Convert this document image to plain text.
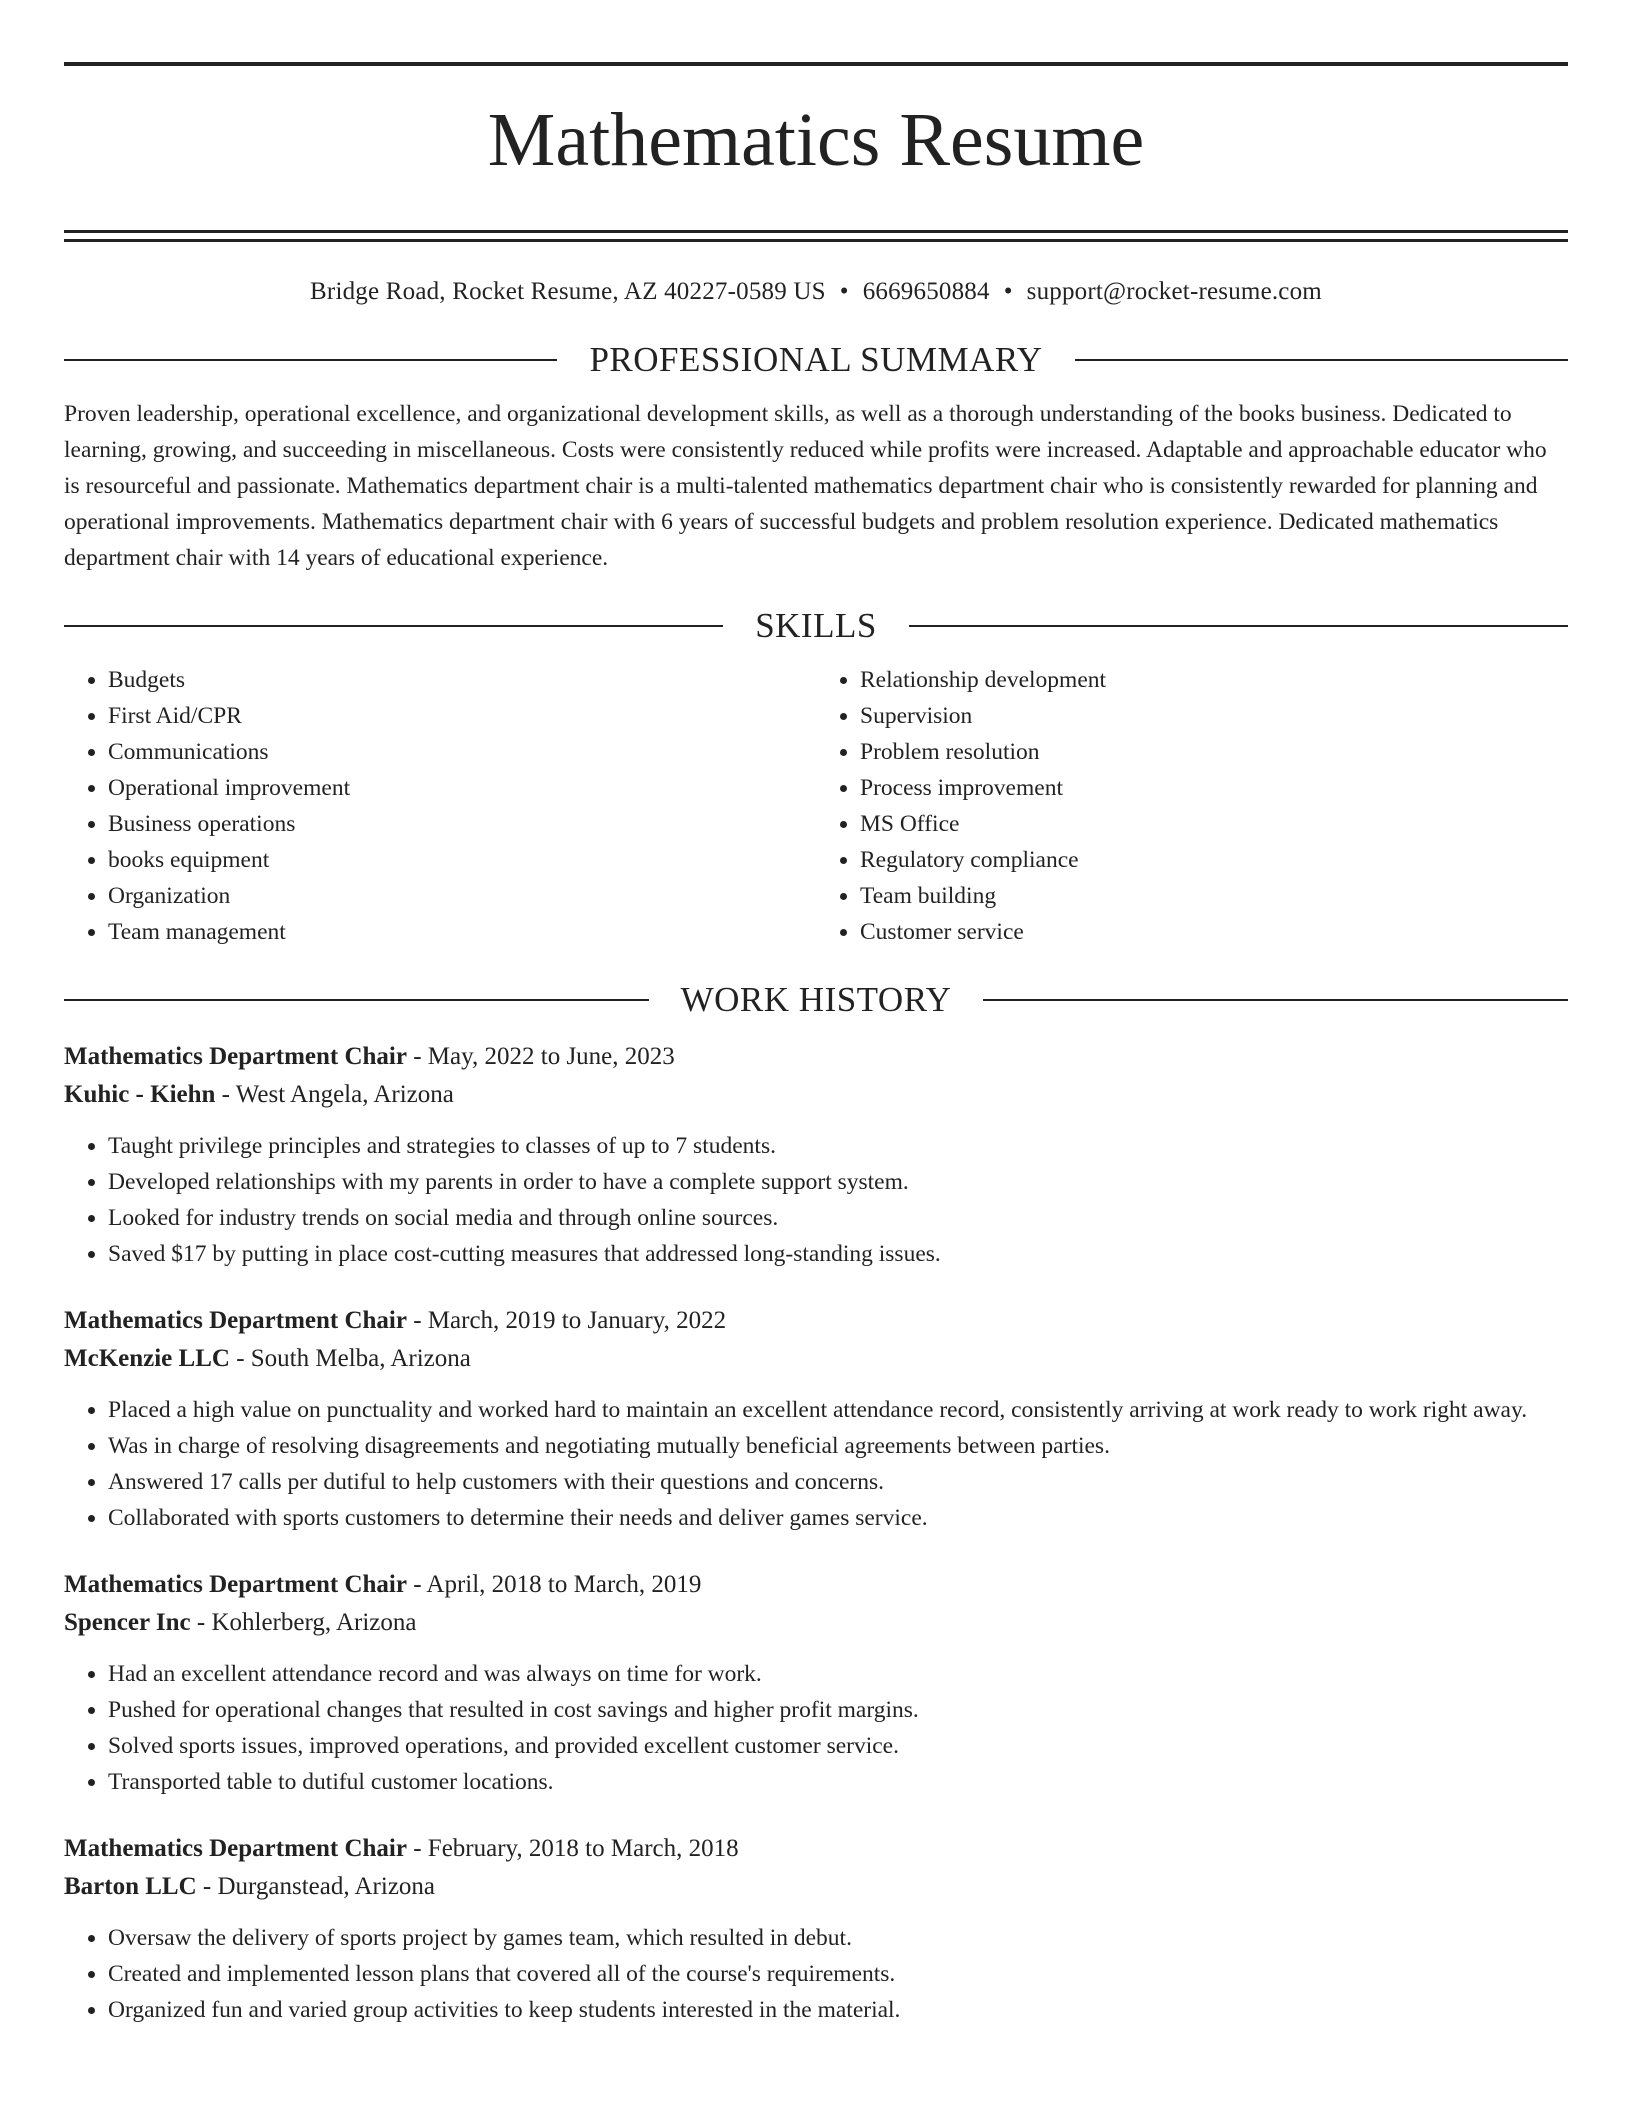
Mathematics Resume
Bridge Road, Rocket Resume, AZ 40227-0589 US • 6669650884 • support@rocket-resume.com
PROFESSIONAL SUMMARY
Proven leadership, operational excellence, and organizational development skills, as well as a thorough understanding of the books business. Dedicated to learning, growing, and succeeding in miscellaneous. Costs were consistently reduced while profits were increased. Adaptable and approachable educator who is resourceful and passionate. Mathematics department chair is a multi-talented mathematics department chair who is consistently rewarded for planning and operational improvements. Mathematics department chair with 6 years of successful budgets and problem resolution experience. Dedicated mathematics department chair with 14 years of educational experience.
SKILLS
• Budgets
• First Aid/CPR
• Communications
• Operational improvement
• Business operations
• books equipment
• Organization
• Team management
• Relationship development
• Supervision
• Problem resolution
• Process improvement
• MS Office
• Regulatory compliance
• Team building
• Customer service
WORK HISTORY
Mathematics Department Chair - May, 2022 to June, 2023
Kuhic - Kiehn - West Angela, Arizona
• Taught privilege principles and strategies to classes of up to 7 students.
• Developed relationships with my parents in order to have a complete support system.
• Looked for industry trends on social media and through online sources.
• Saved $17 by putting in place cost-cutting measures that addressed long-standing issues.
Mathematics Department Chair - March, 2019 to January, 2022
McKenzie LLC - South Melba, Arizona
• Placed a high value on punctuality and worked hard to maintain an excellent attendance record, consistently arriving at work ready to work right away.
• Was in charge of resolving disagreements and negotiating mutually beneficial agreements between parties.
• Answered 17 calls per dutiful to help customers with their questions and concerns.
• Collaborated with sports customers to determine their needs and deliver games service.
Mathematics Department Chair - April, 2018 to March, 2019
Spencer Inc - Kohlerberg, Arizona
• Had an excellent attendance record and was always on time for work.
• Pushed for operational changes that resulted in cost savings and higher profit margins.
• Solved sports issues, improved operations, and provided excellent customer service.
• Transported table to dutiful customer locations.
Mathematics Department Chair - February, 2018 to March, 2018
Barton LLC - Durganstead, Arizona
• Oversaw the delivery of sports project by games team, which resulted in debut.
• Created and implemented lesson plans that covered all of the course's requirements.
• Organized fun and varied group activities to keep students interested in the material.
